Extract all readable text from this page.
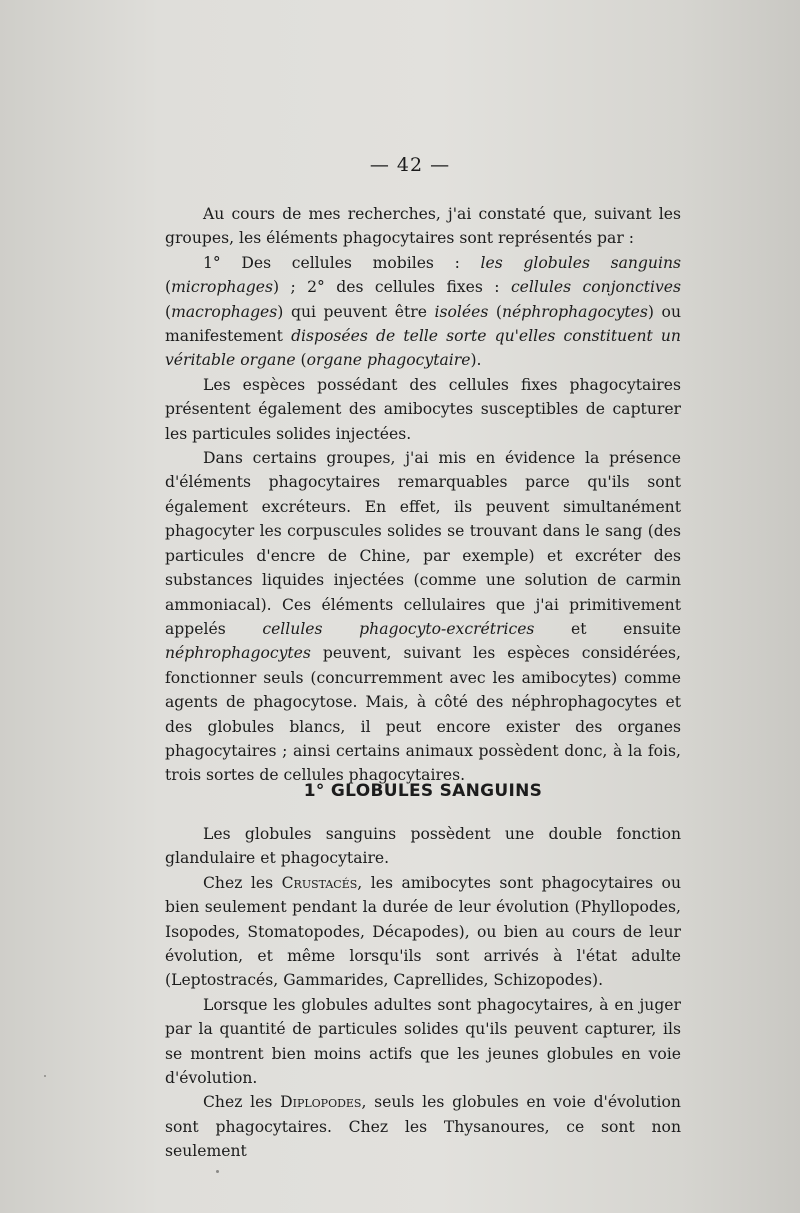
— 42 —

Au cours de mes recherches, j'ai constaté que, suivant les groupes, les éléments phagocytaires sont représentés par :

1° Des cellules mobiles : les globules sanguins (microphages) ; 2° des cellules fixes : cellules conjonctives (macrophages) qui peuvent être isolées (néphrophagocytes) ou manifestement disposées de telle sorte qu'elles constituent un véritable organe (organe phagocytaire).

Les espèces possédant des cellules fixes phagocytaires présentent également des amibocytes susceptibles de capturer les particules solides injectées.

Dans certains groupes, j'ai mis en évidence la présence d'éléments phagocytaires remarquables parce qu'ils sont également excréteurs. En effet, ils peuvent simultanément phagocyter les corpuscules solides se trouvant dans le sang (des particules d'encre de Chine, par exemple) et excréter des substances liquides injectées (comme une solution de carmin ammoniacal). Ces éléments cellulaires que j'ai primitivement appelés cellules phagocyto-excrétrices et ensuite néphrophagocytes peuvent, suivant les espèces considérées, fonctionner seuls (concurremment avec les amibocytes) comme agents de phagocytose. Mais, à côté des néphrophagocytes et des globules blancs, il peut encore exister des organes phagocytaires ; ainsi certains animaux possèdent donc, à la fois, trois sortes de cellules phagocytaires.

1° GLOBULES SANGUINS

Les globules sanguins possèdent une double fonction glandulaire et phagocytaire.

Chez les Crustacés, les amibocytes sont phagocytaires ou bien seulement pendant la durée de leur évolution (Phyllopodes, Isopodes, Stomatopodes, Décapodes), ou bien au cours de leur évolution, et même lorsqu'ils sont arrivés à l'état adulte (Leptostracés, Gammarides, Caprellides, Schizopodes).

Lorsque les globules adultes sont phagocytaires, à en juger par la quantité de particules solides qu'ils peuvent capturer, ils se montrent bien moins actifs que les jeunes globules en voie d'évolution.

Chez les Diplopodes, seuls les globules en voie d'évolution sont phagocytaires. Chez les Thysanoures, ce sont non seulement
